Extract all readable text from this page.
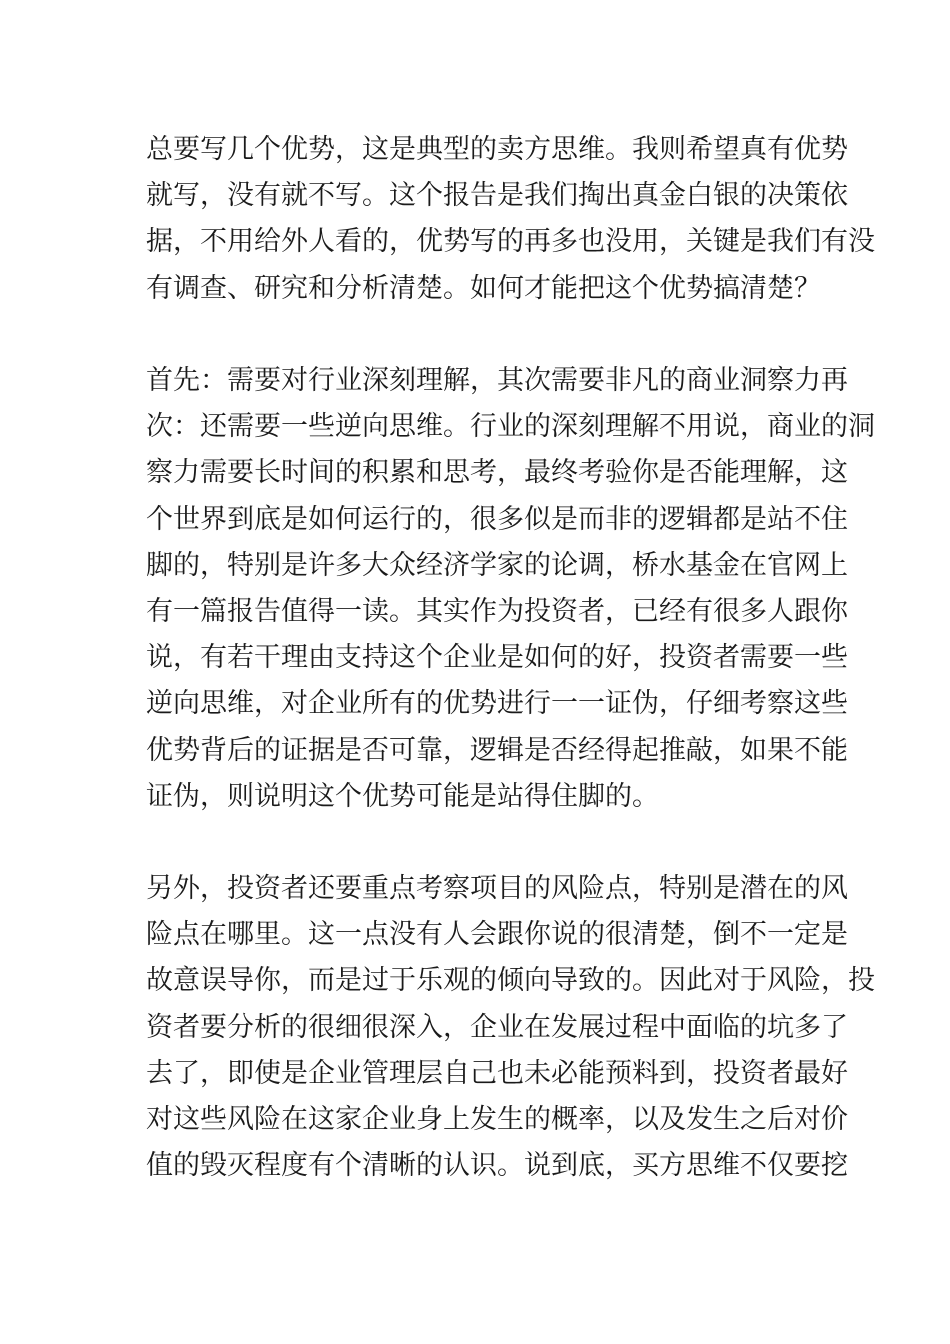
总要写几个优势，这是典型的卖方思维。我则希望真有优势
就写，没有就不写。这个报告是我们掏出真金白银的决策依
据，不用给外人看的，优势写的再多也没用，关键是我们有没
有调查、研究和分析清楚。如何才能把这个优势搞清楚？
首先：需要对行业深刻理解，其次需要非凡的商业洞察力再
次：还需要一些逆向思维。行业的深刻理解不用说，商业的洞
察力需要长时间的积累和思考，最终考验你是否能理解，这
个世界到底是如何运行的，很多似是而非的逻辑都是站不住
脚的，特别是许多大众经济学家的论调，桥水基金在官网上
有一篇报告值得一读。其实作为投资者，已经有很多人跟你
说，有若干理由支持这个企业是如何的好，投资者需要一些
逆向思维，对企业所有的优势进行一一证伪，仔细考察这些
优势背后的证据是否可靠，逻辑是否经得起推敲，如果不能
证伪，则说明这个优势可能是站得住脚的。
另外，投资者还要重点考察项目的风险点，特别是潜在的风
险点在哪里。这一点没有人会跟你说的很清楚，倒不一定是
故意误导你，而是过于乐观的倾向导致的。因此对于风险，投
资者要分析的很细很深入，企业在发展过程中面临的坑多了
去了，即使是企业管理层自己也未必能预料到，投资者最好
对这些风险在这家企业身上发生的概率，以及发生之后对价
值的毁灭程度有个清晰的认识。说到底，买方思维不仅要挖
